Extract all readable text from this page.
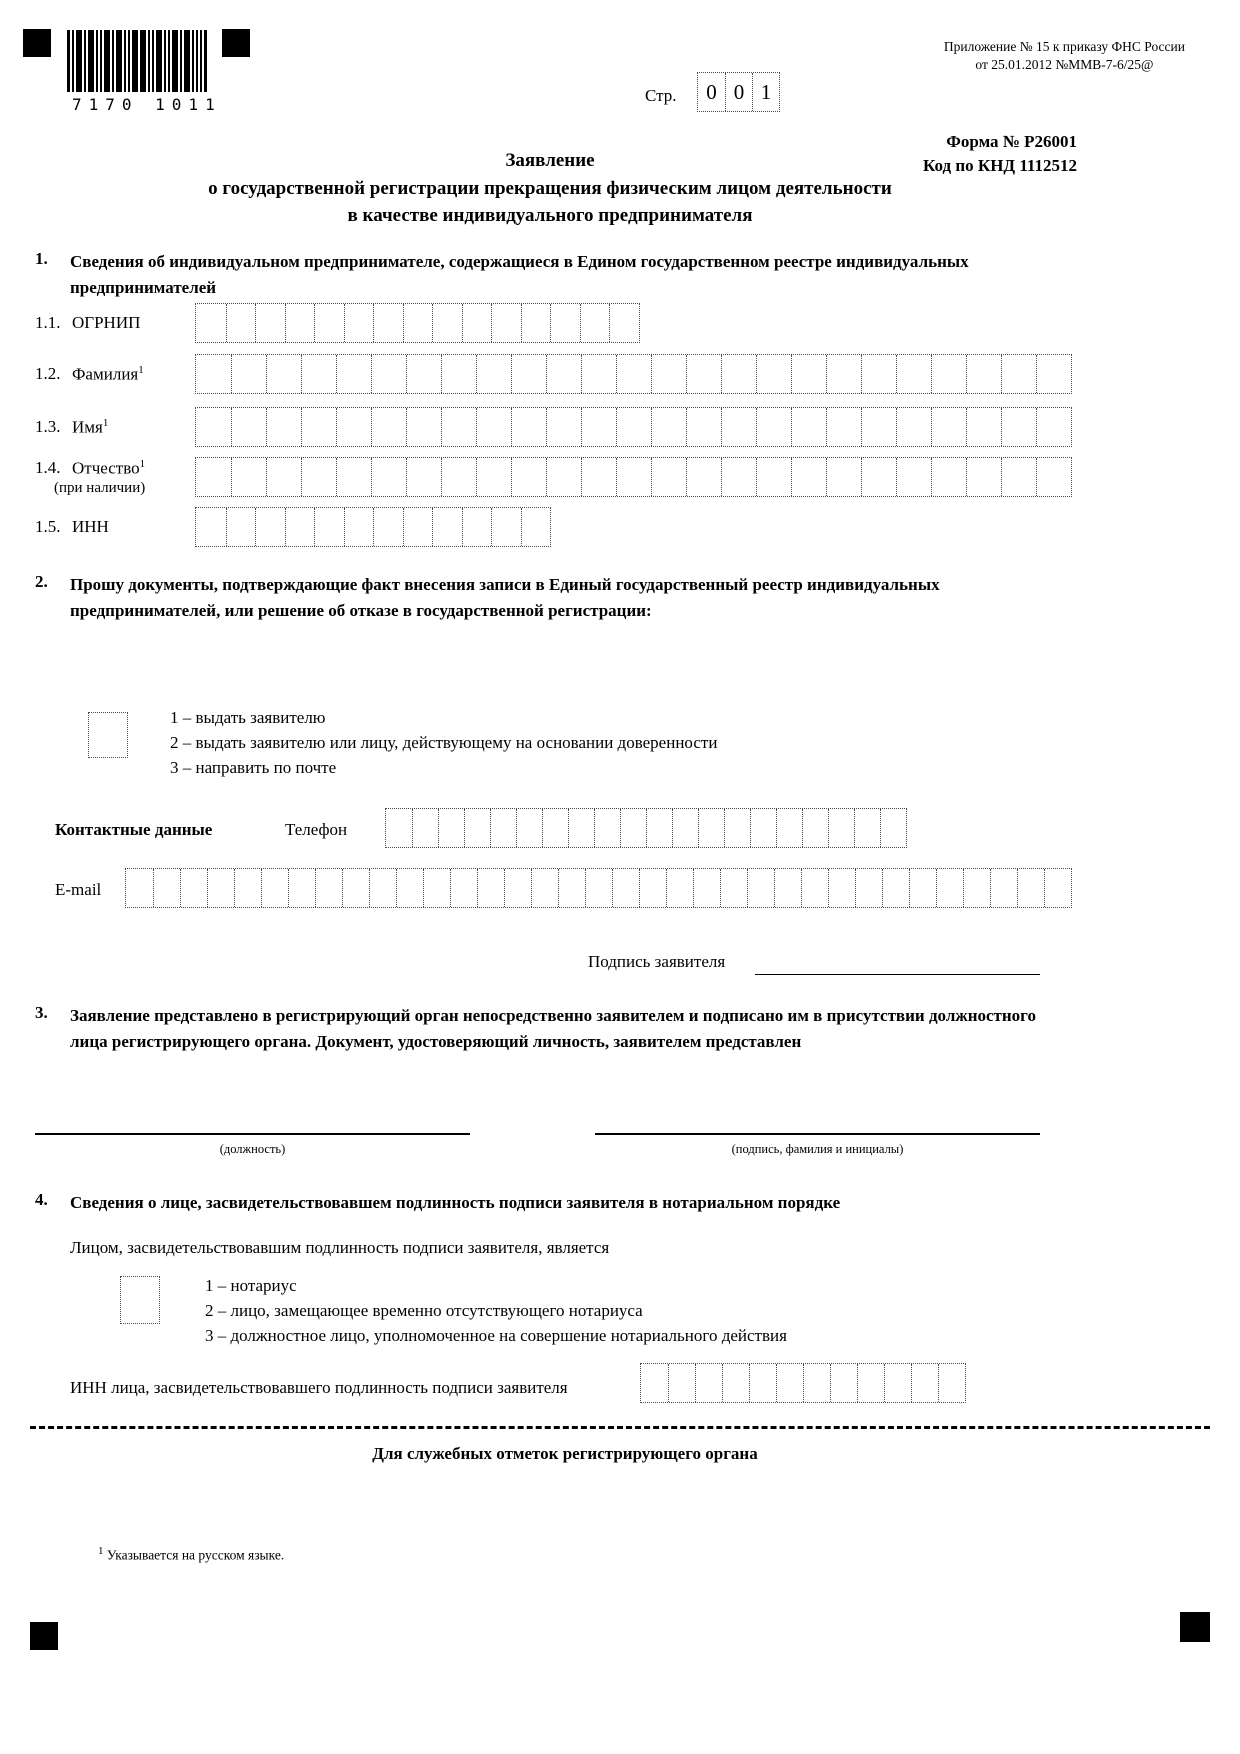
7170 1011	Стр.	0 0 1
Приложение № 15 к приказу ФНС России
от 25.01.2012 №ММВ-7-6/25@
Форма № Р26001
Код по КНД 1112512
Заявление
о государственной регистрации прекращения физическим лицом деятельности
в качестве индивидуального предпринимателя
1. Сведения об индивидуальном предпринимателе, содержащиеся в Едином государственном реестре индивидуальных предпринимателей
1.1. ОГРНИП
1.2. Фамилия$^1$
1.3. Имя$^1$
1.4. Отчество$^1$
(при наличии)
1.5. ИНН
2. Прошу документы, подтверждающие факт внесения записи в Единый государственный реестр индивидуальных предпринимателей, или решение об отказе в государственной регистрации:
1 – выдать заявителю
2 – выдать заявителю или лицу, действующему на основании доверенности
3 – направить по почте
Контактные данные	Телефон
E-mail
Подпись заявителя
3. Заявление представлено в регистрирующий орган непосредственно заявителем и подписано им в присутствии должностного лица регистрирующего органа. Документ, удостоверяющий личность, заявителем представлен
(должность)	(подпись, фамилия и инициалы)
4. Сведения о лице, засвидетельствовавшем подлинность подписи заявителя в нотариальном порядке
Лицом, засвидетельствовавшим подлинность подписи заявителя, является
1 – нотариус
2 – лицо, замещающее временно отсутствующего нотариуса
3 – должностное лицо, уполномоченное на совершение нотариального действия
ИНН лица, засвидетельствовавшего подлинность подписи заявителя
Для служебных отметок регистрирующего органа
$^1$ Указывается на русском языке.
